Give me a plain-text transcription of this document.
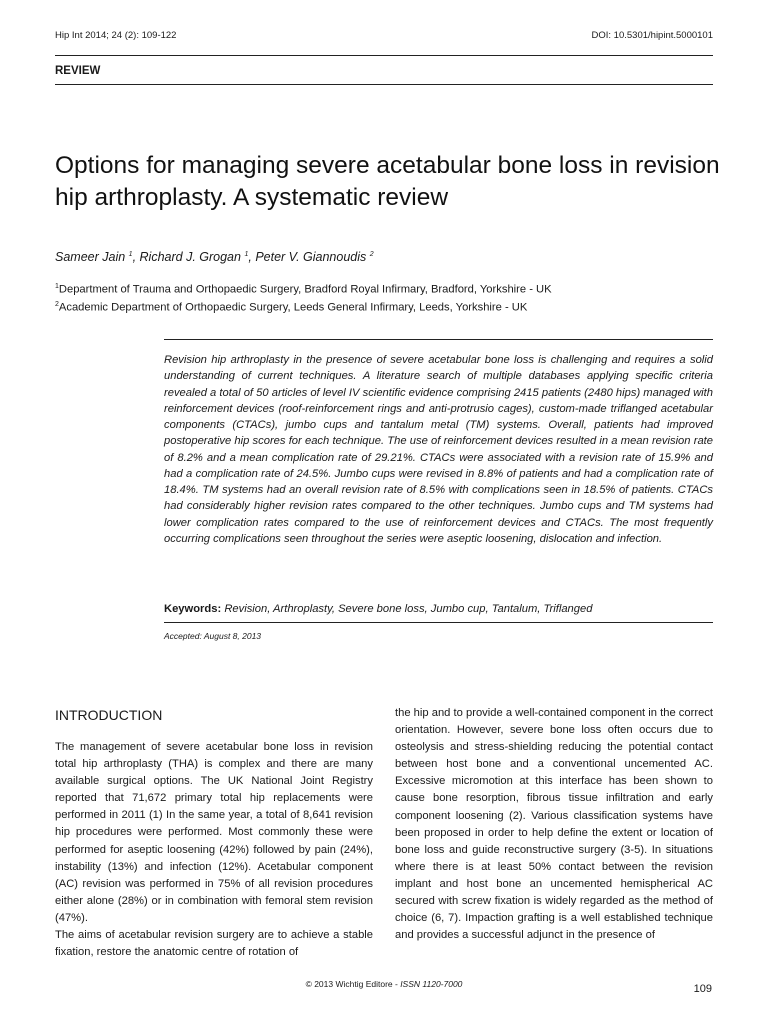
Hip Int 2014; 24 (2): 109-122	DOI: 10.5301/hipint.5000101
REVIEW
Options for managing severe acetabular bone loss in revision hip arthroplasty. A systematic review
Sameer Jain $^1$, Richard J. Grogan $^1$, Peter V. Giannoudis $^2$
$^1$Department of Trauma and Orthopaedic Surgery, Bradford Royal Infirmary, Bradford, Yorkshire - UK
$^2$Academic Department of Orthopaedic Surgery, Leeds General Infirmary, Leeds, Yorkshire - UK

Revision hip arthroplasty in the presence of severe acetabular bone loss is challenging and requires a solid understanding of current techniques. A literature search of multiple databases applying specific criteria revealed a total of 50 articles of level IV scientific evidence comprising 2415 patients (2480 hips) managed with reinforcement devices (roof-reinforcement rings and anti-protrusio cages), custom-made triflanged acetabular components (CTACs), jumbo cups and tantalum metal (TM) systems. Overall, patients had improved postoperative hip scores for each technique. The use of reinforcement devices resulted in a mean revision rate of 8.2% and a mean complication rate of 29.21%. CTACs were associated with a revision rate of 15.9% and had a complication rate of 24.5%. Jumbo cups were revised in 8.8% of patients and had a complication rate of 18.4%. TM systems had an overall revision rate of 8.5% with complications seen in 18.5% of patients. CTACs had considerably higher revision rates compared to the other techniques. Jumbo cups and TM systems had lower complication rates compared to the use of reinforcement devices and CTACs. The most frequently occurring complications seen throughout the series were aseptic loosening, dislocation and infection.

Keywords: Revision, Arthroplasty, Severe bone loss, Jumbo cup, Tantalum, Triflanged
Accepted: August 8, 2013
INTRODUCTION

The management of severe acetabular bone loss in revision total hip arthroplasty (THA) is complex and there are many available surgical options. The UK National Joint Registry reported that 71,672 primary total hip replacements were performed in 2011 (1) In the same year, a total of 8,641 revision hip procedures were performed. Most commonly these were performed for aseptic loosening (42%) followed by pain (24%), instability (13%) and infection (12%). Acetabular component (AC) revision was performed in 75% of all revision procedures either alone (28%) or in combination with femoral stem revision (47%).

The aims of acetabular revision surgery are to achieve a stable fixation, restore the anatomic centre of rotation of

the hip and to provide a well-contained component in the correct orientation. However, severe bone loss often occurs due to osteolysis and stress-shielding reducing the potential contact between host bone and a conventional uncemented AC. Excessive micromotion at this interface has been shown to cause bone resorption, fibrous tissue infiltration and early component loosening (2). Various classification systems have been proposed in order to help define the extent or location of bone loss and guide reconstructive surgery (3-5). In situations where there is at least 50% contact between the revision implant and host bone an uncemented hemispherical AC secured with screw fixation is widely regarded as the method of choice (6, 7). Impaction grafting is a well established technique and provides a successful adjunct in the presence of

© 2013 Wichtig Editore - ISSN 1120-7000	109
